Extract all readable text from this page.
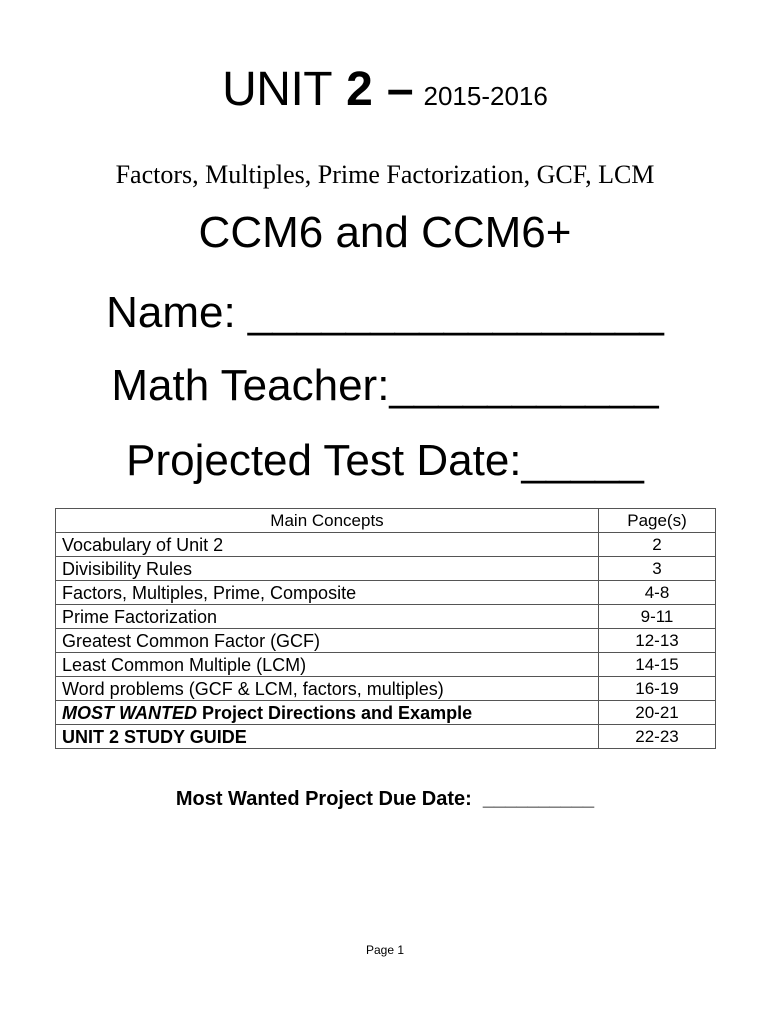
UNIT 2 – 2015-2016
Factors, Multiples, Prime Factorization, GCF, LCM
CCM6 and CCM6+
Name: _________________
Math Teacher:___________
Projected Test Date:_____
Main Concepts	Page(s)
Vocabulary of Unit 2	2
Divisibility Rules	3
Factors, Multiples, Prime, Composite	4-8
Prime Factorization	9-11
Greatest Common Factor (GCF)	12-13
Least Common Multiple (LCM)	14-15
Word problems (GCF & LCM, factors, multiples)	16-19
MOST WANTED Project Directions and Example	20-21
UNIT 2 STUDY GUIDE	22-23
Most Wanted Project Due Date:  __________
Page 1
